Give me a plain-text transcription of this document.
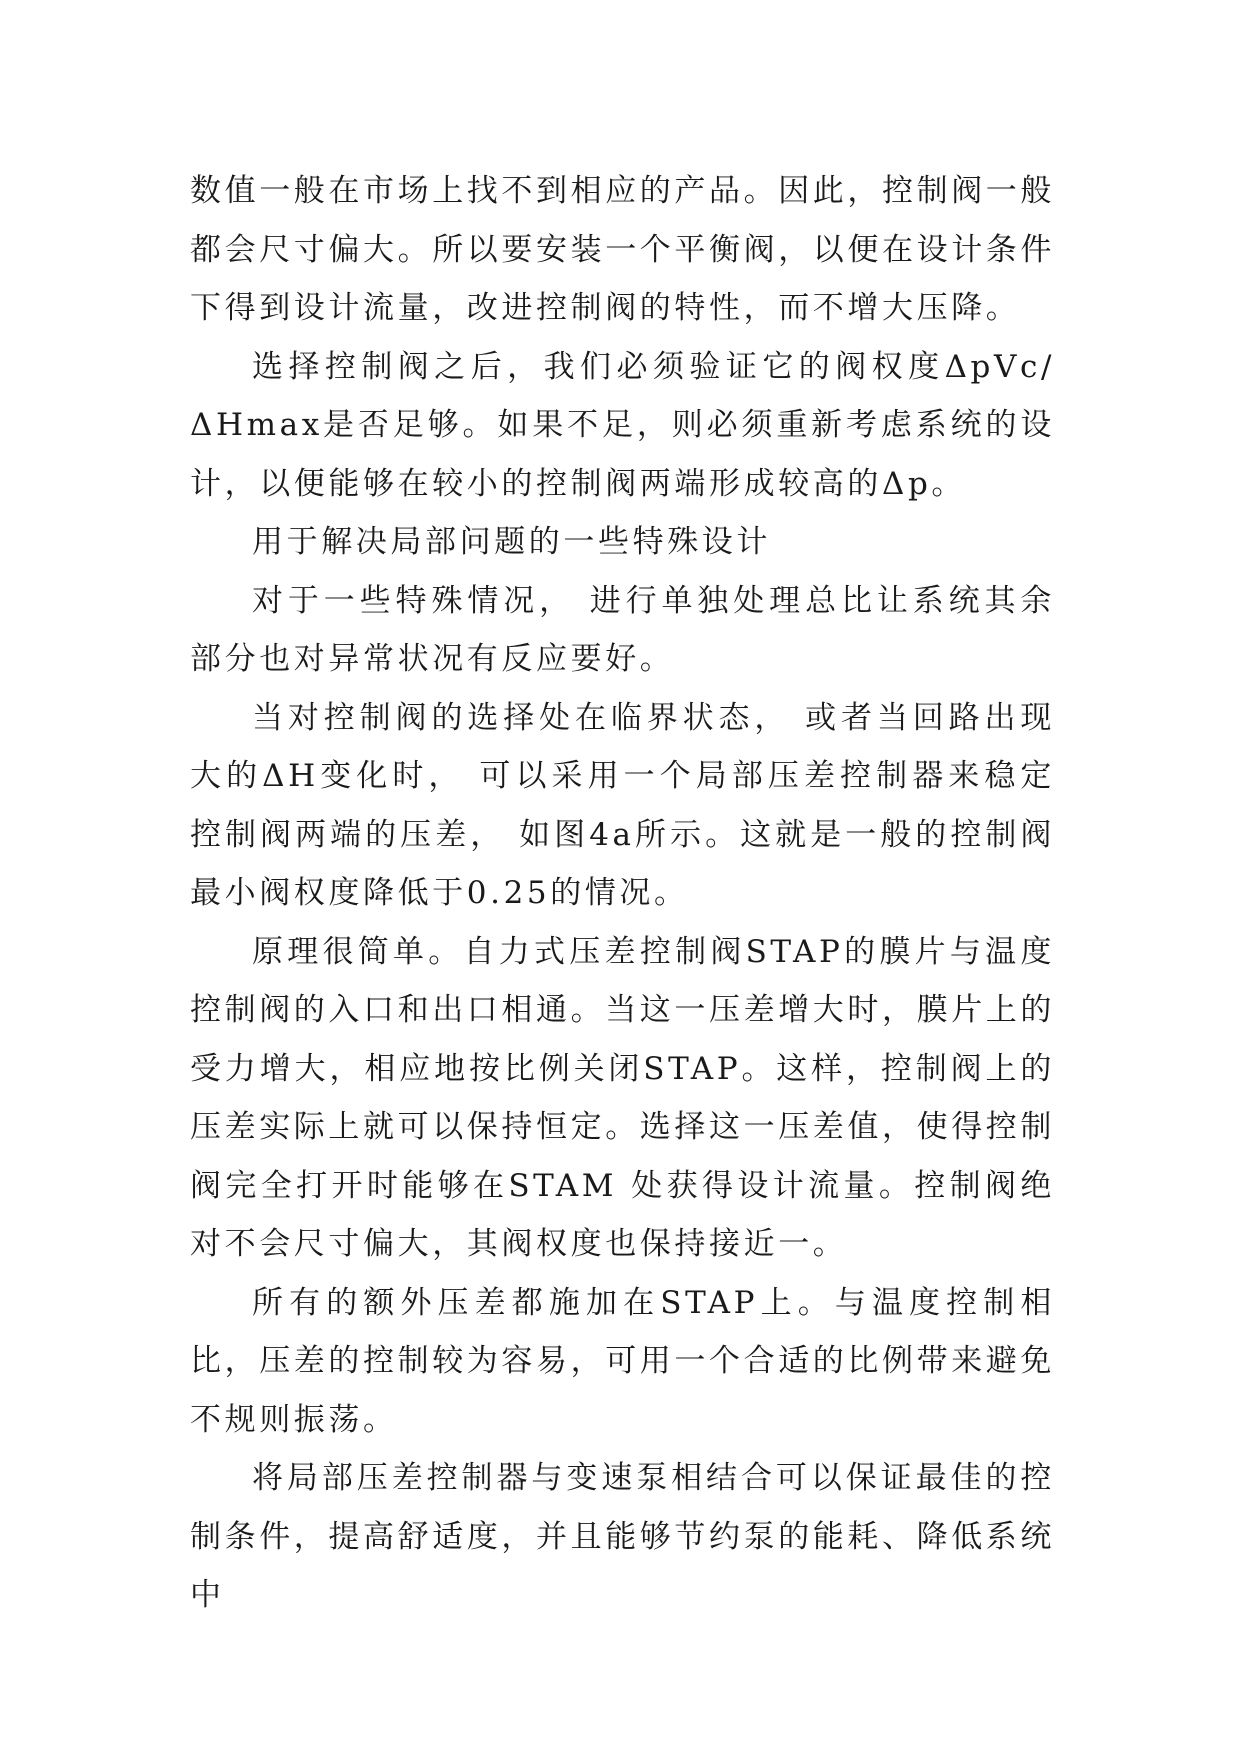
数值一般在市场上找不到相应的产品。因此，控制阀一般都会尺寸偏大。所以要安装一个平衡阀，以便在设计条件下得到设计流量，改进控制阀的特性，而不增大压降。

选择控制阀之后，我们必须验证它的阀权度ΔpVc/ΔHmax是否足够。如果不足，则必须重新考虑系统的设计，以便能够在较小的控制阀两端形成较高的Δp。

用于解决局部问题的一些特殊设计

对于一些特殊情况， 进行单独处理总比让系统其余部分也对异常状况有反应要好。

当对控制阀的选择处在临界状态， 或者当回路出现大的ΔH变化时， 可以采用一个局部压差控制器来稳定控制阀两端的压差， 如图4a所示。这就是一般的控制阀最小阀权度降低于0.25的情况。

原理很简单。自力式压差控制阀STAP的膜片与温度控制阀的入口和出口相通。当这一压差增大时，膜片上的受力增大，相应地按比例关闭STAP。这样，控制阀上的压差实际上就可以保持恒定。选择这一压差值，使得控制阀完全打开时能够在STAM 处获得设计流量。控制阀绝对不会尺寸偏大，其阀权度也保持接近一。

所有的额外压差都施加在STAP上。与温度控制相比，压差的控制较为容易，可用一个合适的比例带来避免不规则振荡。

将局部压差控制器与变速泵相结合可以保证最佳的控制条件，提高舒适度，并且能够节约泵的能耗、降低系统中
